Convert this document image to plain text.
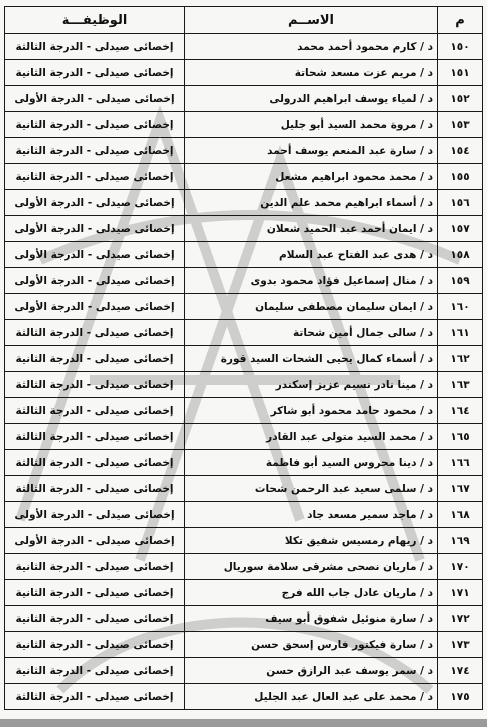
م	الاســم	الوظيفـــة
١٥٠	د / كارم محمود أحمد محمد	إخصائى صيدلى - الدرجة الثالثة
١٥١	د / مريم عزت مسعد شحاتة	إخصائى صيدلى - الدرجة الثانية
١٥٢	د / لمياء يوسف ابراهيم الدرولى	إخصائى صيدلى - الدرجة الأولى
١٥٣	د / مروة محمد السيد أبو جليل	إخصائى صيدلى - الدرجة الثانية
١٥٤	د / سارة عبد المنعم يوسف أحمد	إخصائى صيدلى - الدرجة الثانية
١٥٥	د / محمد محمود ابراهيم مشعل	إخصائى صيدلى - الدرجة الثانية
١٥٦	د / أسماء ابراهيم محمد علم الدين	إخصائى صيدلى - الدرجة الأولى
١٥٧	د / ايمان أحمد عبد الحميد شعلان	إخصائى صيدلى - الدرجة الأولى
١٥٨	د / هدى عبد الفتاح عبد السلام	إخصائى صيدلى - الدرجة الأولى
١٥٩	د / منال إسماعيل فؤاد محمود بدوى	إخصائى صيدلى - الدرجة الأولى
١٦٠	د / ايمان سليمان مصطفى سليمان	إخصائى صيدلى - الدرجة الأولى
١٦١	د / سالى جمال أمين شحاتة	إخصائى صيدلى - الدرجة الثالثة
١٦٢	د / أسماء كمال يحيى الشحات السيد قورة	إخصائى صيدلى - الدرجة الثانية
١٦٣	د / مينا نادر نسيم عزيز إسكندر	إخصائى صيدلى - الدرجة الثالثة
١٦٤	د / محمود حامد محمود أبو شاكر	إخصائى صيدلى - الدرجة الثالثة
١٦٥	د / محمد السيد متولى عبد القادر	إخصائى صيدلى - الدرجة الثالثة
١٦٦	د / دينا محروس السيد أبو فاطمة	إخصائى صيدلى - الدرجة الثالثة
١٦٧	د / سلمى سعيد عبد الرحمن شحات	إخصائى صيدلى - الدرجة الثالثة
١٦٨	د / ماجد سمير مسعد جاد	إخصائى صيدلى - الدرجة الأولى
١٦٩	د / ريهام رمسيس شفيق تكلا	إخصائى صيدلى - الدرجة الأولى
١٧٠	د / ماريان نصحى مشرقى سلامة سوريال	إخصائى صيدلى - الدرجة الثانية
١٧١	د / ماريان عادل جاب الله فرج	إخصائى صيدلى - الدرجة الثانية
١٧٢	د / سارة منوئيل شفوق أبو سيف	إخصائى صيدلى - الدرجة الثانية
١٧٣	د / سارة فيكتور فارس إسحق حسن	إخصائى صيدلى - الدرجة الثانية
١٧٤	د / سمر يوسف عبد الرازق حسن	إخصائى صيدلى - الدرجة الثانية
١٧٥	د / محمد على عبد العال عبد الجليل	إخصائى صيدلى - الدرجة الثالثة
